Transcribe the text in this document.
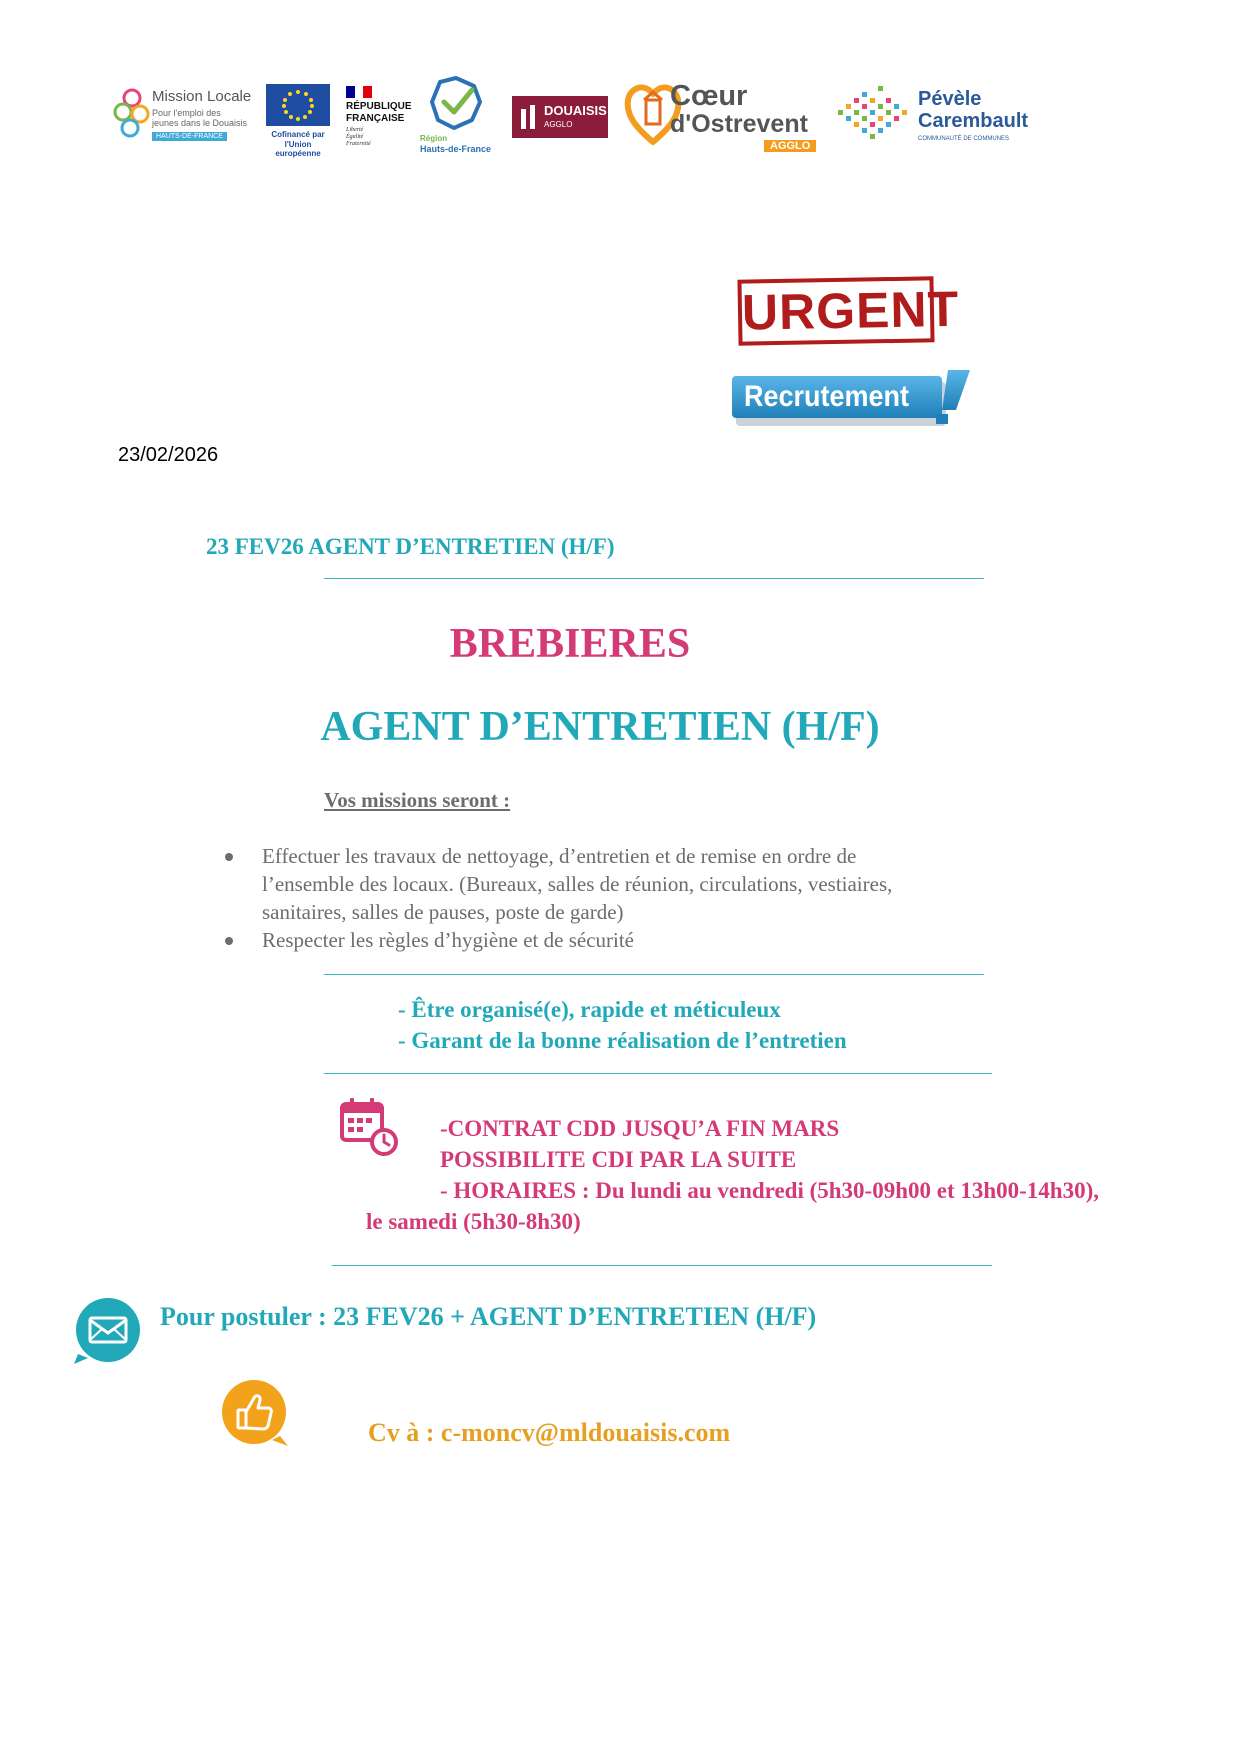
Mission Locale
Pour l'emploi des jeunes dans le Douaisis
HAUTS-DE-FRANCE	Cofinancé par
l'Union européenne
RÉPUBLIQUE
FRANÇAISE
Liberté
Égalité
Fraternité
Région
Hauts-de-France
DOUAISIS
AGGLO
Cœur
d'Ostrevent
AGGLO
Pévèle
Carembault
COMMUNAUTÉ DE COMMUNES
URGENT
Recrutement
23/02/2026
23 FEV26 AGENT D’ENTRETIEN (H/F)
BREBIERES
AGENT D’ENTRETIEN (H/F)
Vos missions seront :
Effectuer les travaux de nettoyage, d’entretien et de remise en ordre de
l’ensemble des locaux. (Bureaux, salles de réunion, circulations, vestiaires,
sanitaires, salles de pauses, poste de garde)
Respecter les règles d’hygiène et de sécurité
- Être organisé(e), rapide et méticuleux
- Garant de la bonne réalisation de l’entretien
-CONTRAT CDD JUSQU’A FIN MARS
POSSIBILITE CDI PAR LA SUITE
- HORAIRES : Du lundi au vendredi (5h30-09h00 et 13h00-14h30),
le samedi (5h30-8h30)
Pour postuler : 23 FEV26 + AGENT D’ENTRETIEN (H/F)
Cv à : c-moncv@mldouaisis.com
